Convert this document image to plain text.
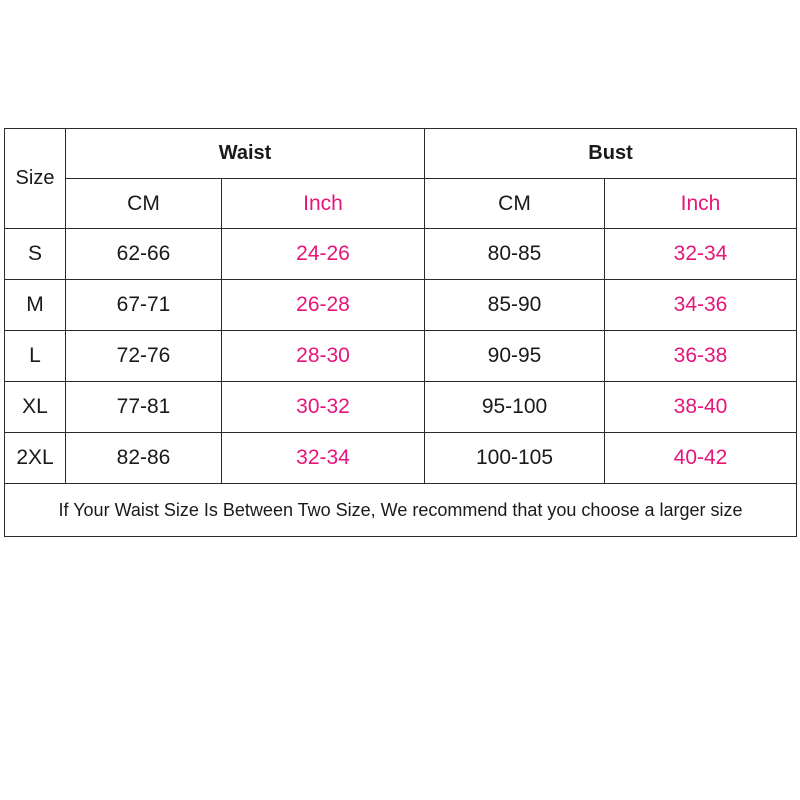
Size	Waist		Bust	
	CM	Inch	CM	Inch
S	62-66	24-26	80-85	32-34
M	67-71	26-28	85-90	34-36
L	72-76	28-30	90-95	36-38
XL	77-81	30-32	95-100	38-40
2XL	82-86	32-34	100-105	40-42
If Your Waist Size Is Between Two Size, We recommend that you choose a larger size				
